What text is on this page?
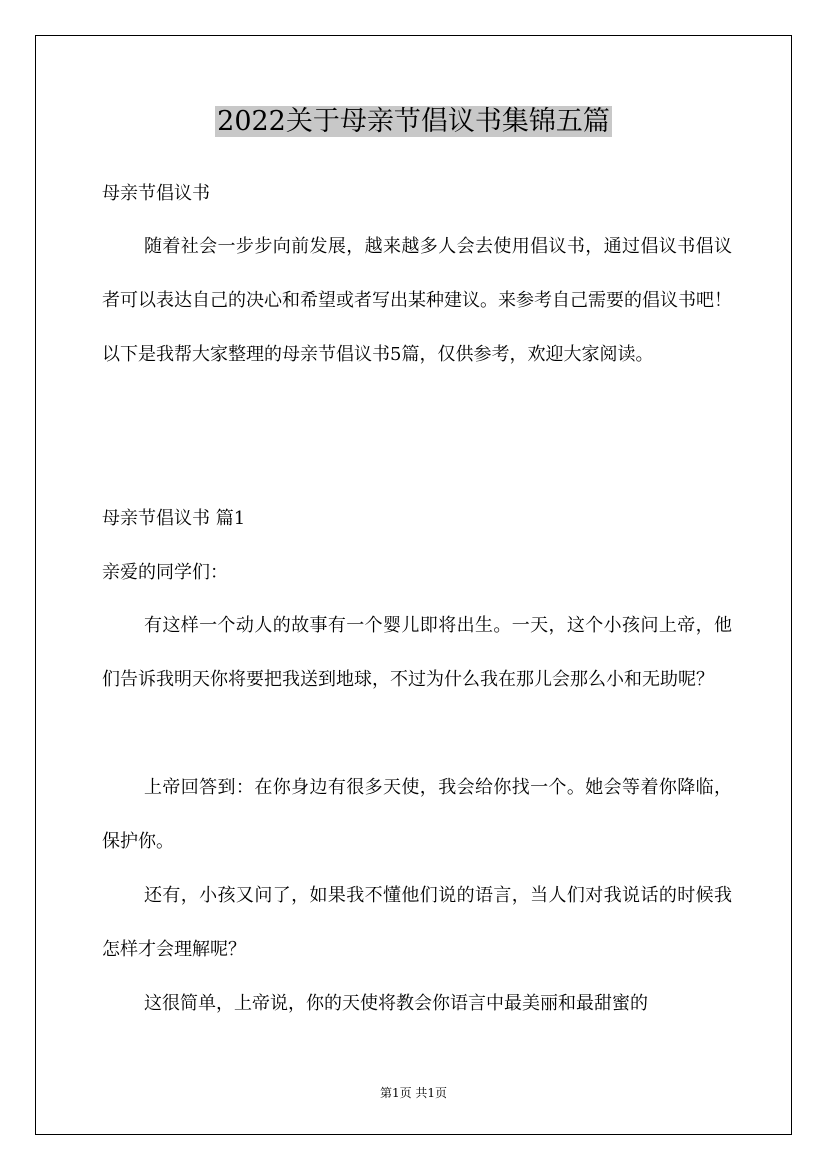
2022关于母亲节倡议书集锦五篇

母亲节倡议书

随着社会一步步向前发展，越来越多人会去使用倡议书，通过倡议书倡议者可以表达自己的决心和希望或者写出某种建议。来参考自己需要的倡议书吧！以下是我帮大家整理的母亲节倡议书5篇，仅供参考，欢迎大家阅读。

母亲节倡议书 篇1

亲爱的同学们：

有这样一个动人的故事有一个婴儿即将出生。一天，这个小孩问上帝，他们告诉我明天你将要把我送到地球，不过为什么我在那儿会那么小和无助呢？

上帝回答到：在你身边有很多天使，我会给你找一个。她会等着你降临，保护你。

还有，小孩又问了，如果我不懂他们说的语言，当人们对我说话的时候我怎样才会理解呢？

这很简单，上帝说，你的天使将教会你语言中最美丽和最甜蜜的

第1页 共1页
